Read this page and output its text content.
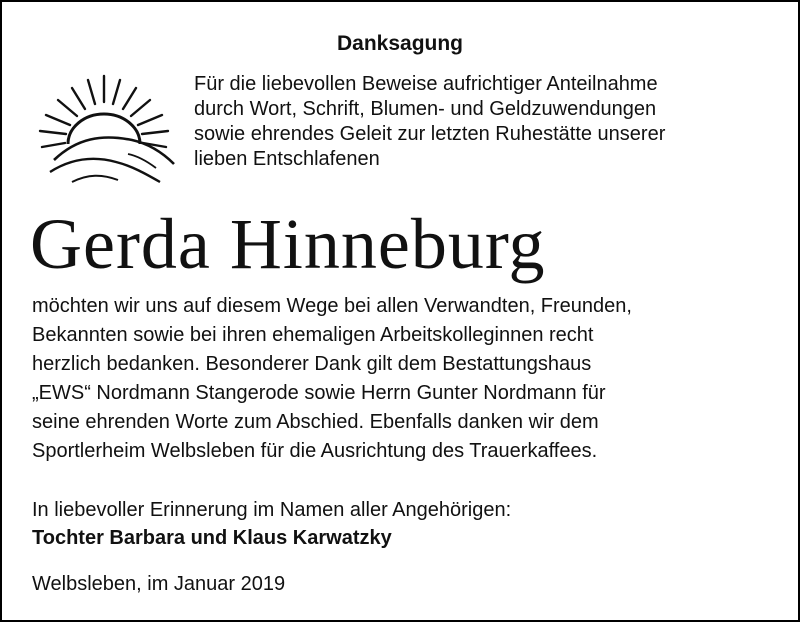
Danksagung
Für die liebevollen Beweise aufrichtiger Anteilnahme
durch Wort, Schrift, Blumen- und Geldzuwendungen
sowie ehrendes Geleit zur letzten Ruhestätte unserer
lieben Entschlafenen
Gerda Hinneburg
möchten wir uns auf diesem Wege bei allen Verwandten, Freunden,
Bekannten sowie bei ihren ehemaligen Arbeitskolleginnen recht
herzlich bedanken. Besonderer Dank gilt dem Bestattungshaus
„EWS“ Nordmann Stangerode sowie Herrn Gunter Nordmann für
seine ehrenden Worte zum Abschied. Ebenfalls danken wir dem
Sportlerheim Welbsleben für die Ausrichtung des Trauerkaffees.
In liebevoller Erinnerung im Namen aller Angehörigen:
Tochter Barbara und Klaus Karwatzky
Welbsleben, im Januar 2019
